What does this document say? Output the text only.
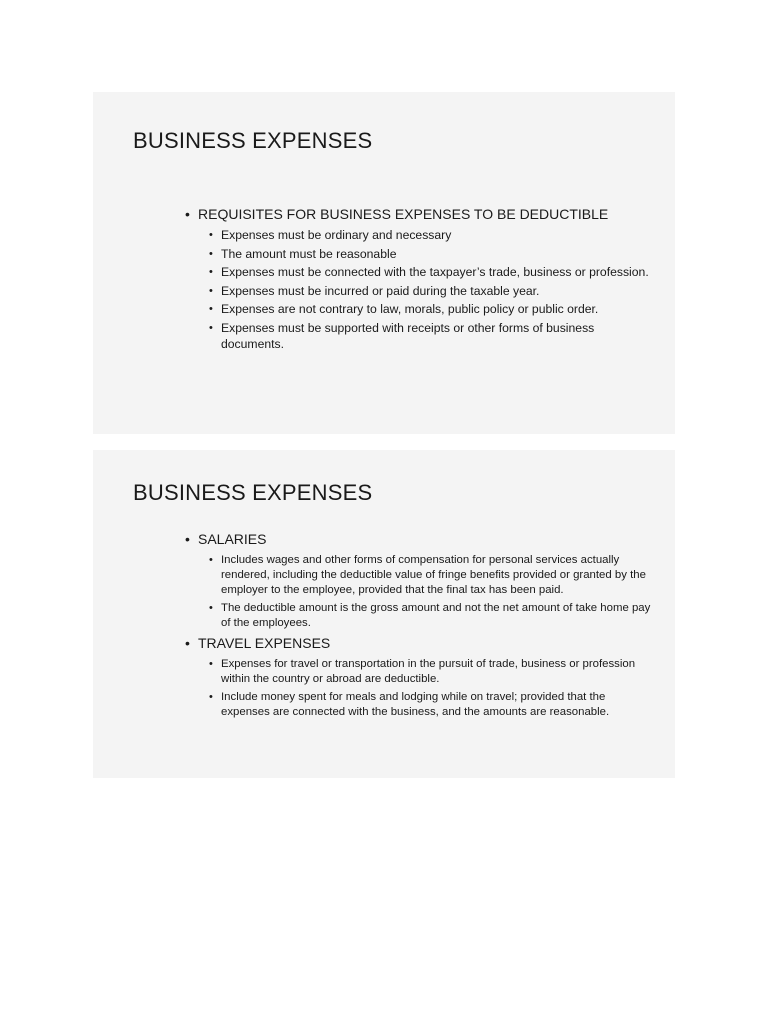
BUSINESS EXPENSES
• REQUISITES FOR BUSINESS EXPENSES TO BE DEDUCTIBLE
• Expenses must be ordinary and necessary
• The amount must be reasonable
• Expenses must be connected with the taxpayer’s trade, business or profession.
• Expenses must be incurred or paid during the taxable year.
• Expenses are not contrary to law, morals, public policy or public order.
• Expenses must be supported with receipts or other forms of business documents.
BUSINESS EXPENSES
• SALARIES
• Includes wages and other forms of compensation for personal services actually rendered, including the deductible value of fringe benefits provided or granted by the employer to the employee, provided that the final tax has been paid.
• The deductible amount is the gross amount and not the net amount of take home pay of the employees.
• TRAVEL EXPENSES
• Expenses for travel or transportation in the pursuit of trade, business or profession within the country or abroad are deductible.
• Include money spent for meals and lodging while on travel; provided that the expenses are connected with the business, and the amounts are reasonable.
